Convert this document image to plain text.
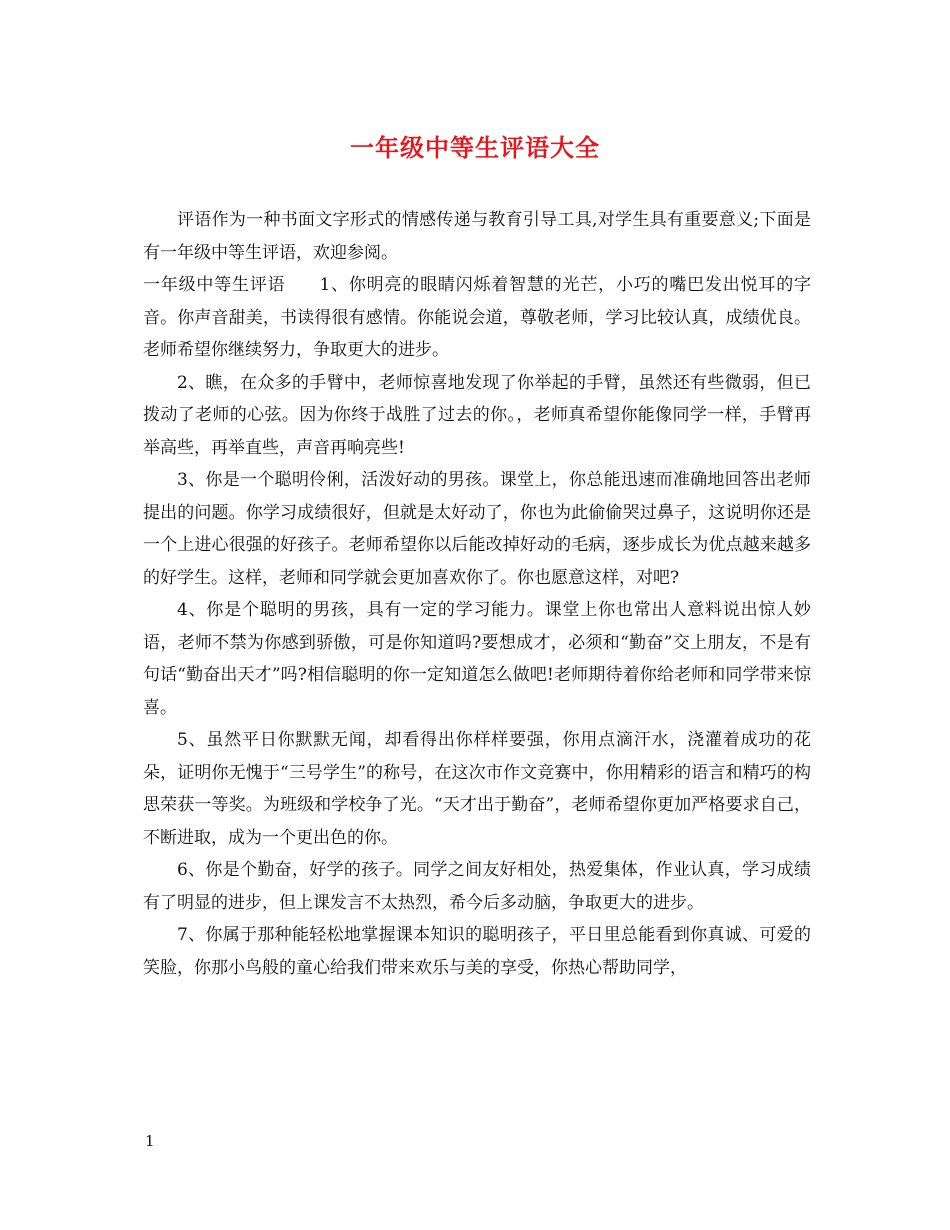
一年级中等生评语大全

评语作为一种书面文字形式的情感传递与教育引导工具,对学生具有重要意义;下面是有一年级中等生评语，欢迎参阅。

一年级中等生评语 1、你明亮的眼睛闪烁着智慧的光芒，小巧的嘴巴发出悦耳的字音。你声音甜美，书读得很有感情。你能说会道，尊敬老师，学习比较认真，成绩优良。老师希望你继续努力，争取更大的进步。

2、瞧，在众多的手臂中，老师惊喜地发现了你举起的手臂，虽然还有些微弱，但已拨动了老师的心弦。因为你终于战胜了过去的你。，老师真希望你能像同学一样，手臂再举高些，再举直些，声音再响亮些!

3、你是一个聪明伶俐，活泼好动的男孩。课堂上，你总能迅速而准确地回答出老师提出的问题。你学习成绩很好，但就是太好动了，你也为此偷偷哭过鼻子，这说明你还是一个上进心很强的好孩子。老师希望你以后能改掉好动的毛病，逐步成长为优点越来越多的好学生。这样，老师和同学就会更加喜欢你了。你也愿意这样，对吧?

4、你是个聪明的男孩，具有一定的学习能力。课堂上你也常出人意料说出惊人妙语，老师不禁为你感到骄傲，可是你知道吗?要想成才，必须和“勤奋”交上朋友，不是有句话“勤奋出天才”吗?相信聪明的你一定知道怎么做吧!老师期待着你给老师和同学带来惊喜。

5、虽然平日你默默无闻，却看得出你样样要强，你用点滴汗水，浇灌着成功的花朵，证明你无愧于“三号学生”的称号，在这次市作文竞赛中，你用精彩的语言和精巧的构思荣获一等奖。为班级和学校争了光。“天才出于勤奋”，老师希望你更加严格要求自己，不断进取，成为一个更出色的你。

6、你是个勤奋，好学的孩子。同学之间友好相处，热爱集体，作业认真，学习成绩有了明显的进步，但上课发言不太热烈，希今后多动脑，争取更大的进步。

7、你属于那种能轻松地掌握课本知识的聪明孩子，平日里总能看到你真诚、可爱的笑脸，你那小鸟般的童心给我们带来欢乐与美的享受，你热心帮助同学，

1
